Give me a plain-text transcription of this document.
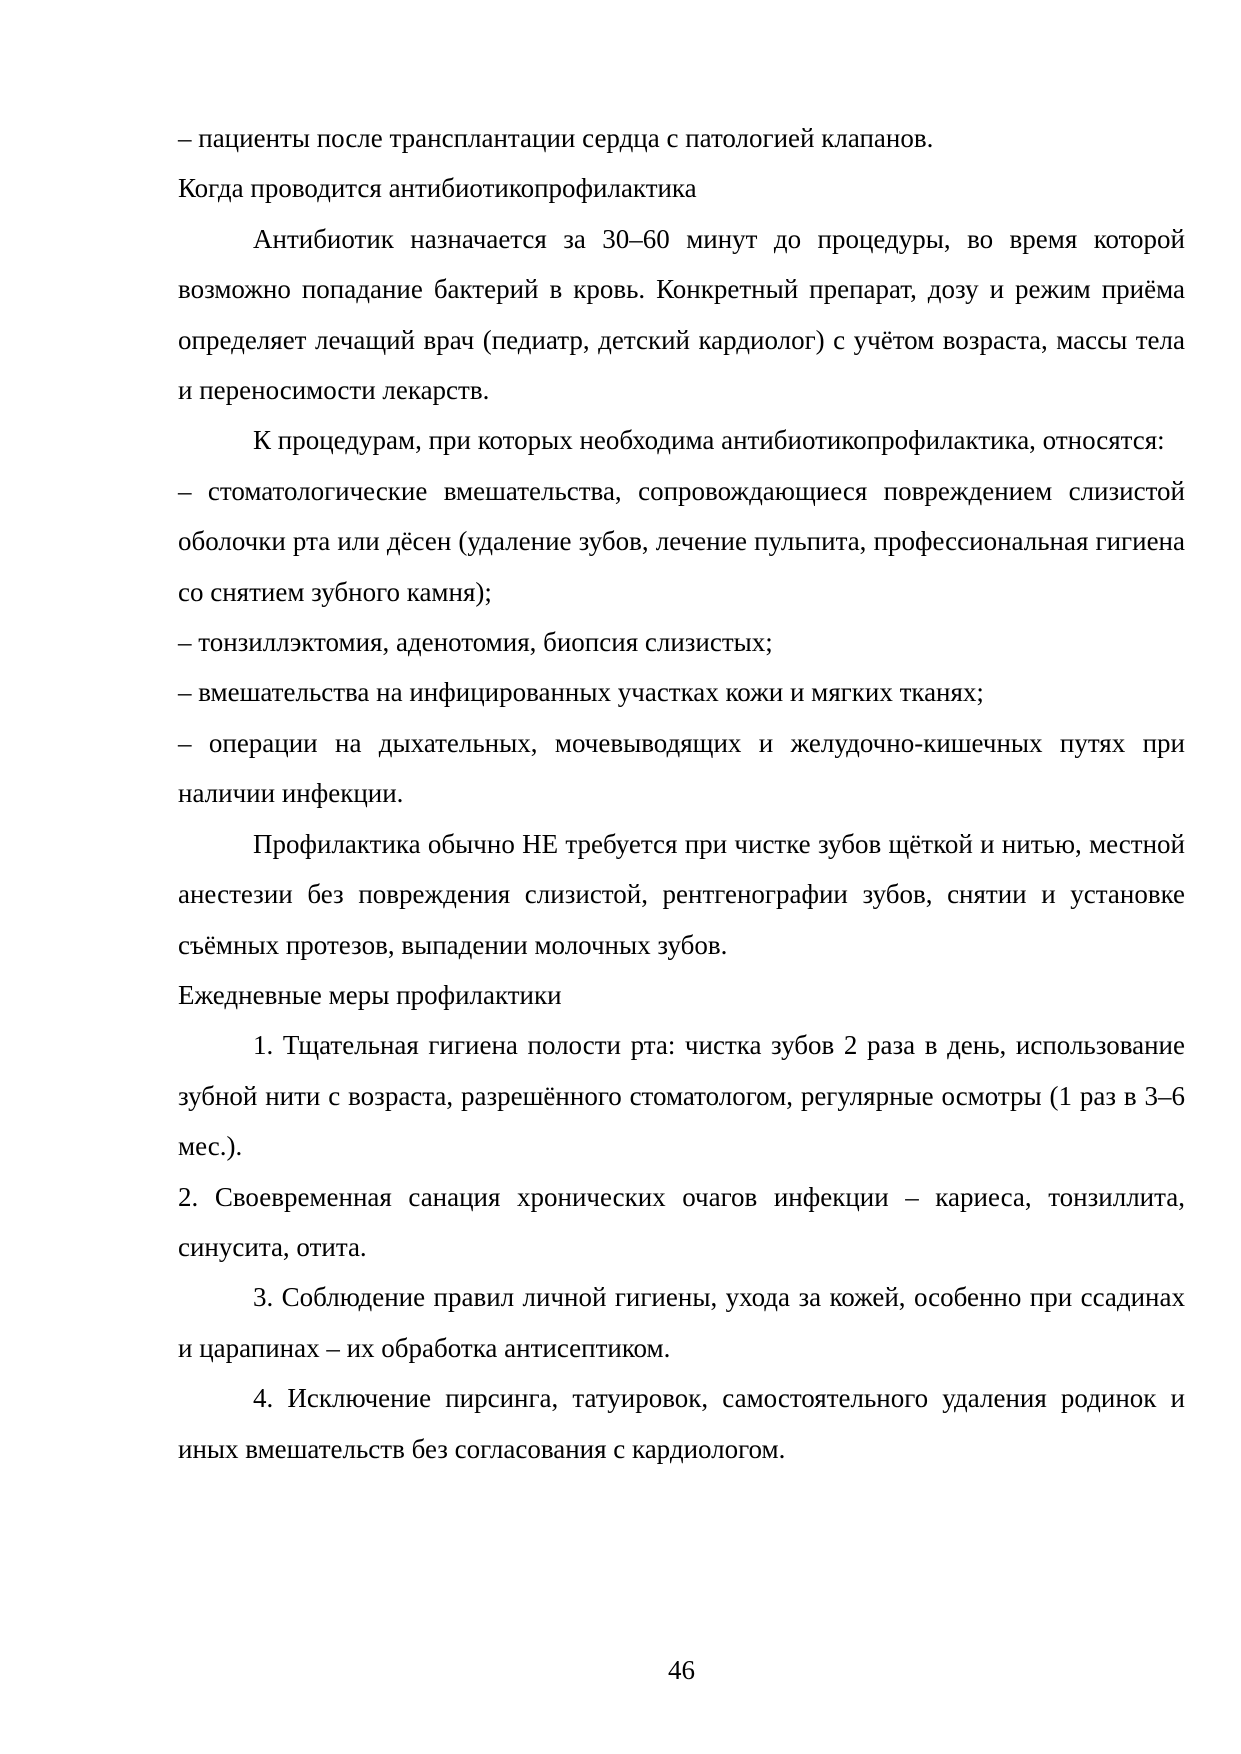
– пациенты после трансплантации сердца с патологией клапанов.

Когда проводится антибиотикопрофилактика

Антибиотик назначается за 30–60 минут до процедуры, во время которой возможно попадание бактерий в кровь. Конкретный препарат, дозу и режим приёма определяет лечащий врач (педиатр, детский кардиолог) с учётом возраста, массы тела и переносимости лекарств.

К процедурам, при которых необходима антибиотикопрофилактика, относятся:

– стоматологические вмешательства, сопровождающиеся повреждением слизистой оболочки рта или дёсен (удаление зубов, лечение пульпита, профессиональная гигиена со снятием зубного камня);

– тонзиллэктомия, аденотомия, биопсия слизистых;

– вмешательства на инфицированных участках кожи и мягких тканях;

– операции на дыхательных, мочевыводящих и желудочно-кишечных путях при наличии инфекции.

Профилактика обычно НЕ требуется при чистке зубов щёткой и нитью, местной анестезии без повреждения слизистой, рентгенографии зубов, снятии и установке съёмных протезов, выпадении молочных зубов.

Ежедневные меры профилактики

1. Тщательная гигиена полости рта: чистка зубов 2 раза в день, использование зубной нити с возраста, разрешённого стоматологом, регулярные осмотры (1 раз в 3–6 мес.).

2. Своевременная санация хронических очагов инфекции – кариеса, тонзиллита, синусита, отита.

3. Соблюдение правил личной гигиены, ухода за кожей, особенно при ссадинах и царапинах – их обработка антисептиком.

4. Исключение пирсинга, татуировок, самостоятельного удаления родинок и иных вмешательств без согласования с кардиологом.

46
